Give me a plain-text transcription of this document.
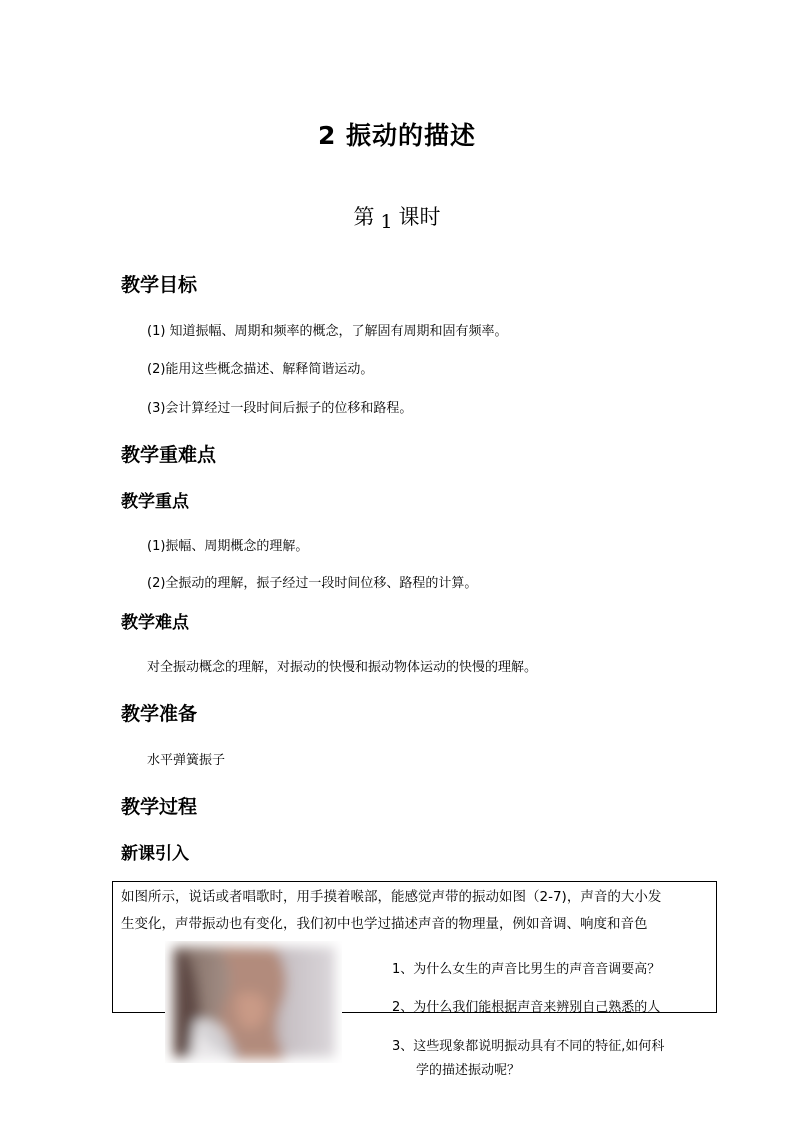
2 振动的描述
第 1 课时
教学目标
(1) 知道振幅、周期和频率的概念，了解固有周期和固有频率。
(2)能用这些概念描述、解释简谐运动。
(3)会计算经过一段时间后振子的位移和路程。
教学重难点
教学重点
(1)振幅、周期概念的理解。
(2)全振动的理解，振子经过一段时间位移、路程的计算。
教学难点
对全振动概念的理解，对振动的快慢和振动物体运动的快慢的理解。
教学准备
水平弹簧振子
教学过程
新课引入
如图所示，说话或者唱歌时，用手摸着喉部，能感觉声带的振动如图（2-7)，声音的大小发
生变化，声带振动也有变化，我们初中也学过描述声音的物理量，例如音调、响度和音色
1、为什么女生的声音比男生的声音音调要高？
2、为什么我们能根据声音来辨别自己熟悉的人
3、这些现象都说明振动具有不同的特征,如何科
学的描述振动呢？
